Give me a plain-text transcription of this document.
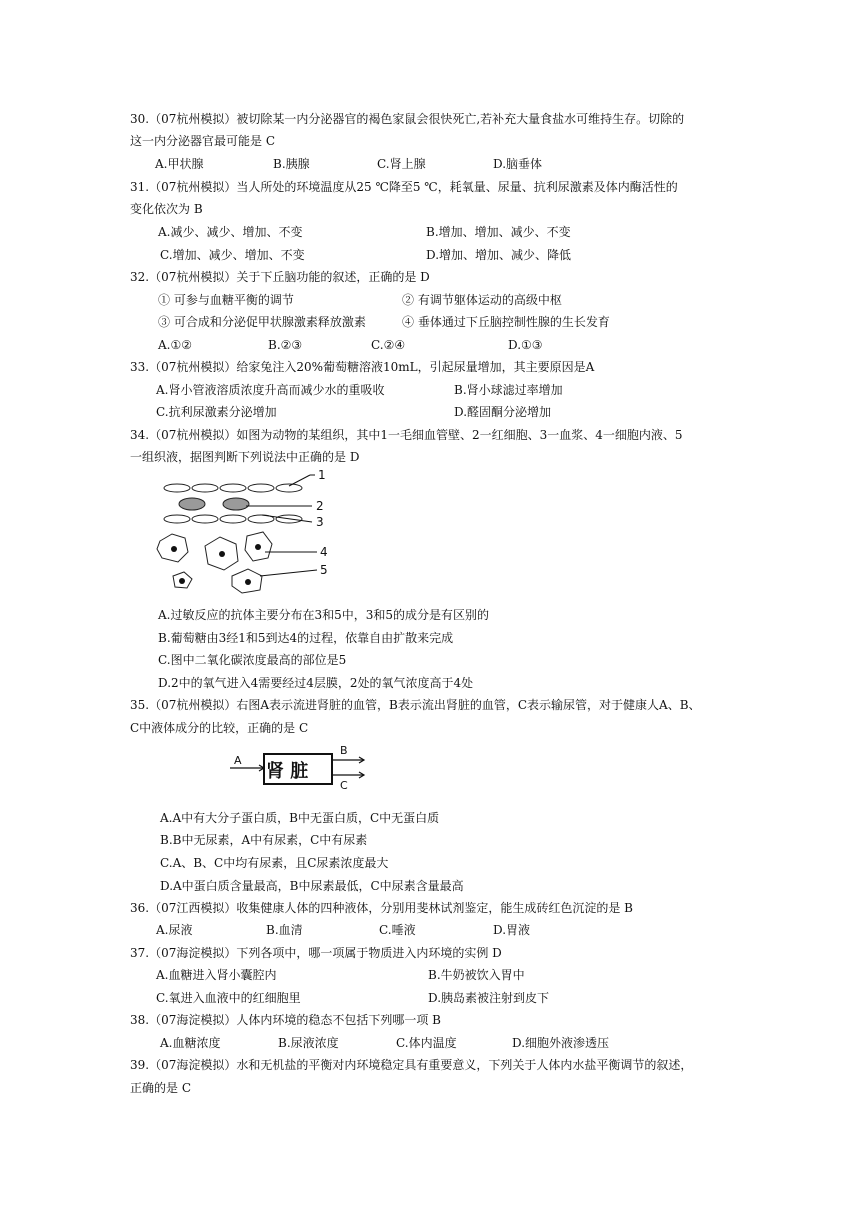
30.（07杭州模拟）被切除某一内分泌器官的褐色家鼠会很快死亡,若补充大量食盐水可维持生存。切除的
这一内分泌器官最可能是 C
A.甲状腺	B.胰腺	C.肾上腺	D.脑垂体
31.（07杭州模拟）当人所处的环境温度从25 ℃降至5 ℃，耗氧量、尿量、抗利尿激素及体内酶活性的
变化依次为 B
A.减少、减少、增加、不变	B.增加、增加、减少、不变
C.增加、减少、增加、不变	D.增加、增加、减少、降低
32.（07杭州模拟）关于下丘脑功能的叙述，正确的是 D
① 可参与血糖平衡的调节	② 有调节躯体运动的高级中枢
③ 可合成和分泌促甲状腺激素释放激素	④ 垂体通过下丘脑控制性腺的生长发育
A.①②	B.②③	C.②④	D.①③
33.（07杭州模拟）给家兔注入20%葡萄糖溶液10mL，引起尿量增加，其主要原因是A
A.肾小管液溶质浓度升高而减少水的重吸收	B.肾小球滤过率增加
C.抗利尿激素分泌增加	D.醛固酮分泌增加
34.（07杭州模拟）如图为动物的某组织，其中1一毛细血管壁、2一红细胞、3一血浆、4一细胞内液、5
一组织液，据图判断下列说法中正确的是 D
1
2
3
4
5
A.过敏反应的抗体主要分布在3和5中，3和5的成分是有区别的
B.葡萄糖由3经1和5到达4的过程，依靠自由扩散来完成
C.图中二氧化碳浓度最高的部位是5
D.2中的氧气进入4需要经过4层膜，2处的氧气浓度高于4处
35.（07杭州模拟）右图A表示流进肾脏的血管，B表示流出肾脏的血管，C表示输尿管，对于健康人A、B、
C中液体成分的比较，正确的是 C
肾 脏
A
B
C
A.A中有大分子蛋白质，B中无蛋白质，C中无蛋白质
B.B中无尿素，A中有尿素，C中有尿素
C.A、B、C中均有尿素，且C尿素浓度最大
D.A中蛋白质含量最高，B中尿素最低，C中尿素含量最高
36.（07江西模拟）收集健康人体的四种液体，分别用斐林试剂鉴定，能生成砖红色沉淀的是 B
A.尿液	B.血清	C.唾液	D.胃液
37.（07海淀模拟）下列各项中，哪一项属于物质进入内环境的实例 D
A.血糖进入肾小囊腔内	B.牛奶被饮入胃中
C.氧进入血液中的红细胞里	D.胰岛素被注射到皮下
38.（07海淀模拟）人体内环境的稳态不包括下列哪一项 B
A.血糖浓度	B.尿液浓度	C.体内温度	D.细胞外液渗透压
39.（07海淀模拟）水和无机盐的平衡对内环境稳定具有重要意义，下列关于人体内水盐平衡调节的叙述，
正确的是 C
